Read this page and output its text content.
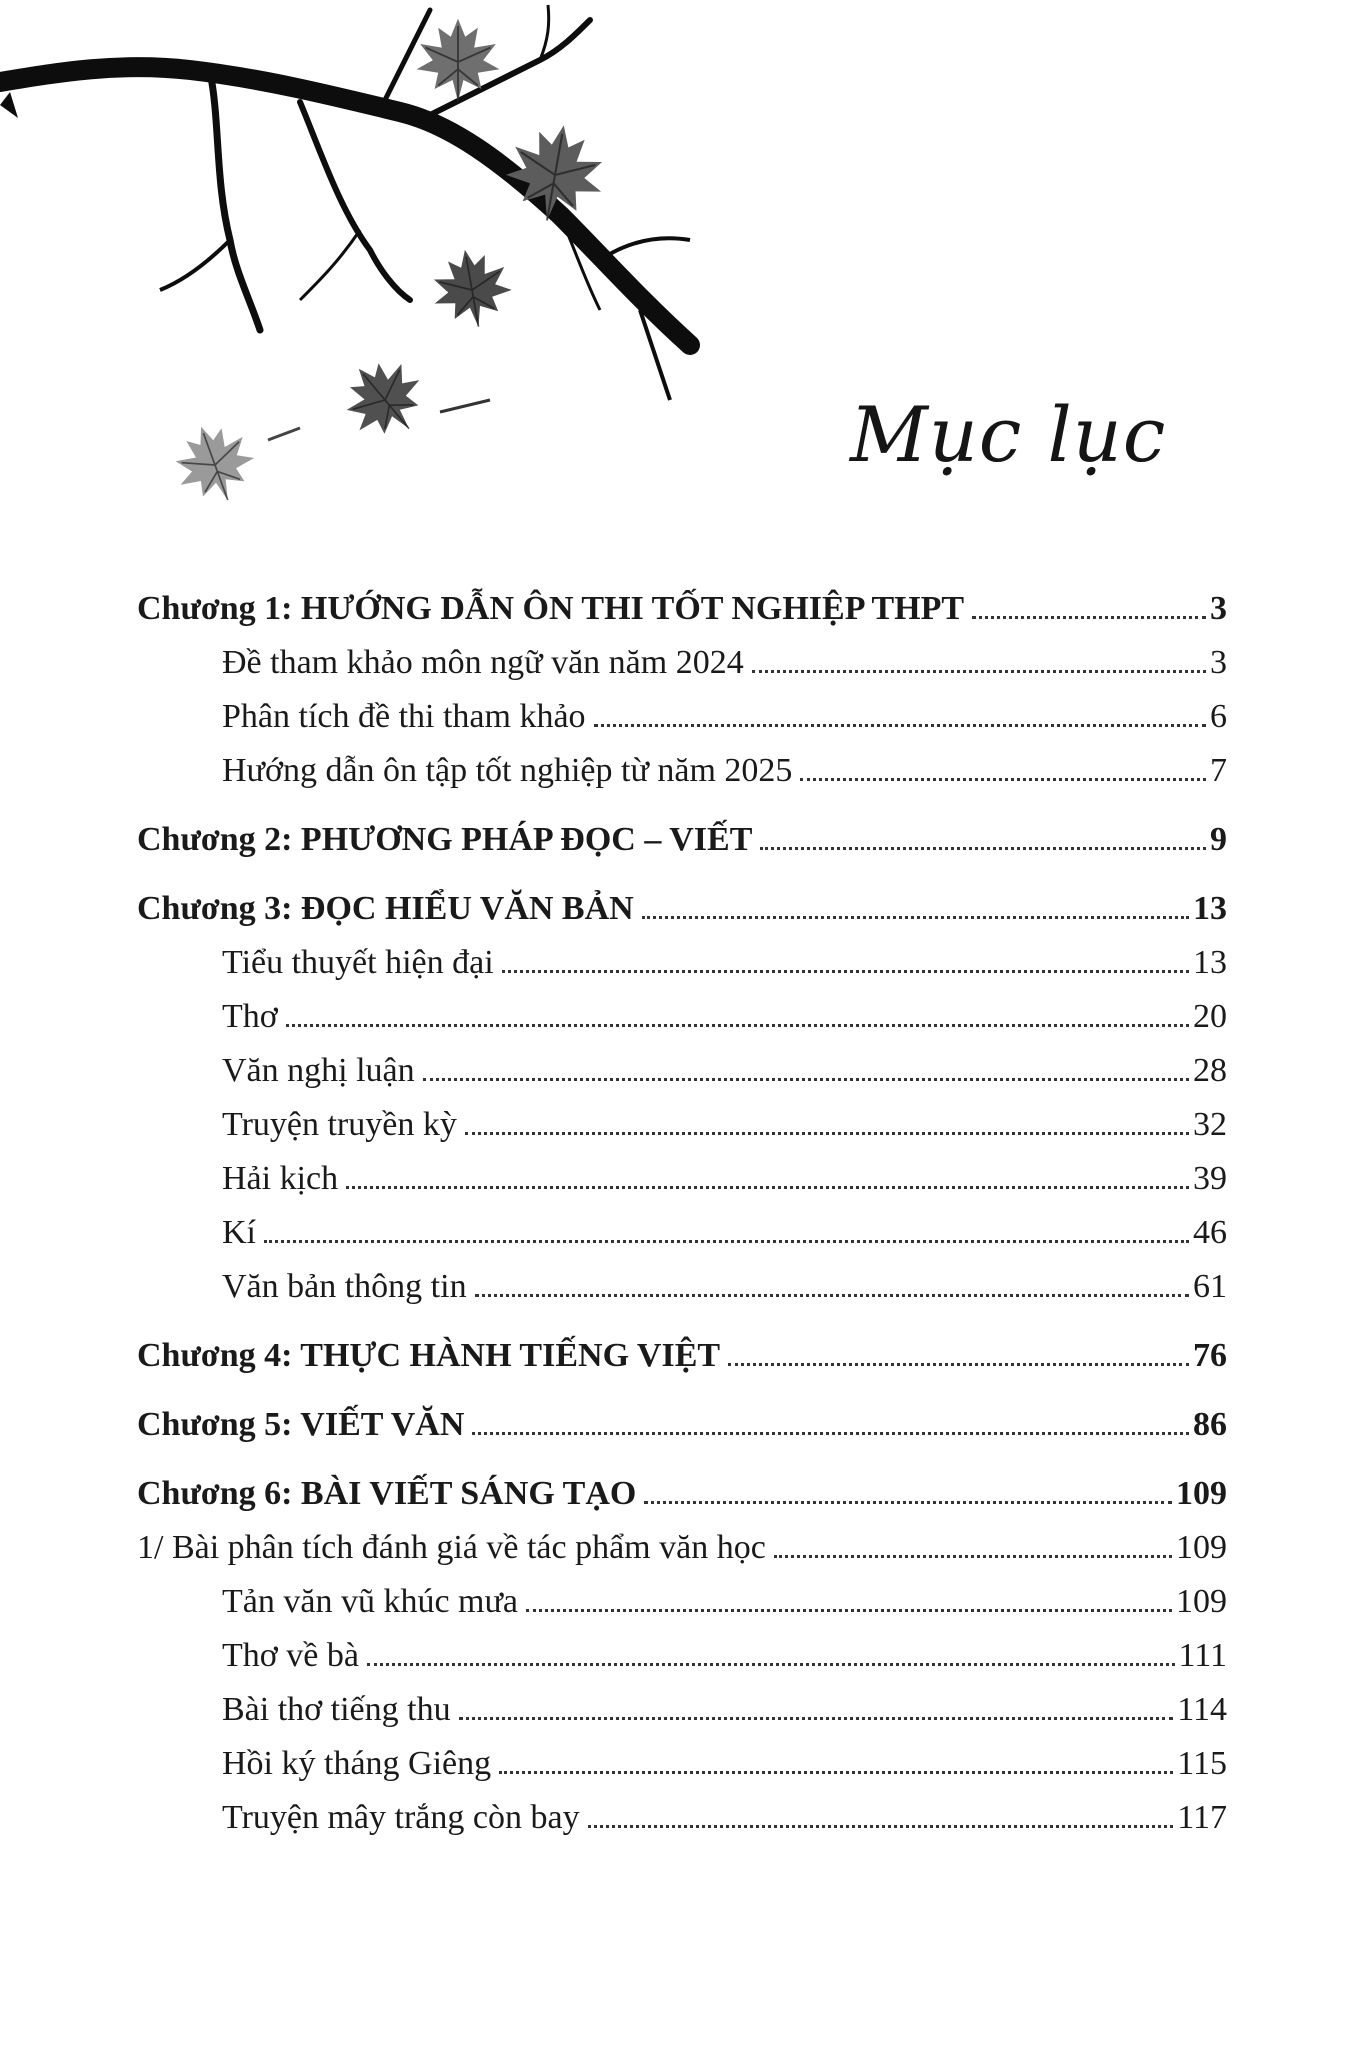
Mục lục
Chương 1: HƯỚNG DẪN ÔN THI TỐT NGHIỆP THPT	3
Đề tham khảo môn ngữ văn năm 2024	3
Phân tích đề thi tham khảo	6
Hướng dẫn ôn tập tốt nghiệp từ năm 2025	7
Chương 2: PHƯƠNG PHÁP ĐỌC – VIẾT	9
Chương 3: ĐỌC HIỂU VĂN BẢN	13
Tiểu thuyết hiện đại	13
Thơ	20
Văn nghị luận	28
Truyện truyền kỳ	32
Hải kịch	39
Kí	46
Văn bản thông tin	61
Chương 4: THỰC HÀNH TIẾNG VIỆT	76
Chương 5: VIẾT VĂN	86
Chương 6: BÀI VIẾT SÁNG TẠO	109
1/ Bài phân tích đánh giá về tác phẩm văn học	109
Tản văn vũ khúc mưa	109
Thơ về bà	111
Bài thơ tiếng thu	114
Hồi ký tháng Giêng	115
Truyện mây trắng còn bay	117
